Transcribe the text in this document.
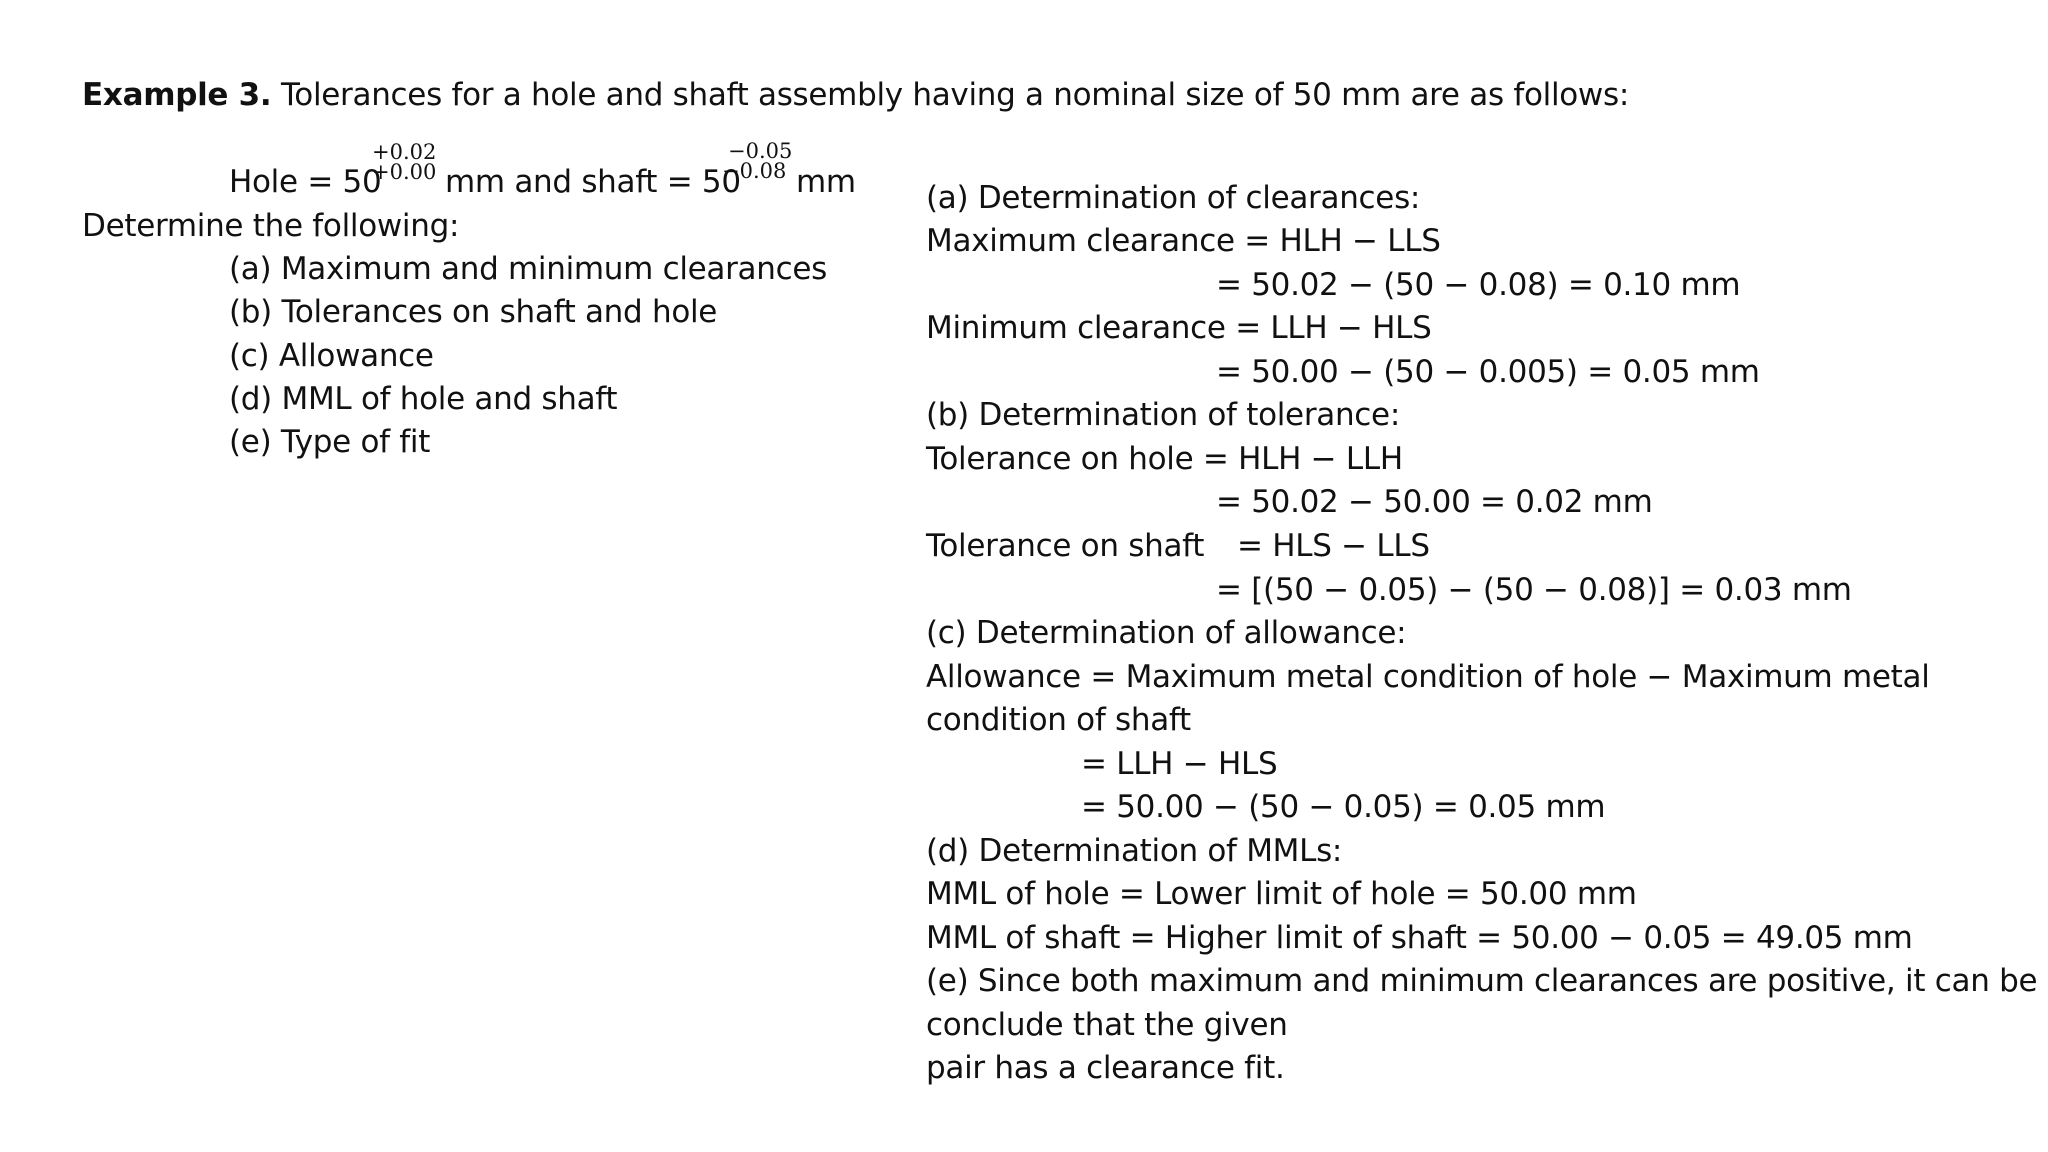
Example 3. Tolerances for a hole and shaft assembly having a nominal size of 50 mm are as follows:
Hole = 50
+0.02
+0.00 mm and shaft = 50
−0.05
−0.08 mm
Determine the following:
(a) Maximum and minimum clearances
(b) Tolerances on shaft and hole
(c) Allowance
(d) MML of hole and shaft
(e) Type of fit
(a) Determination of clearances:
Maximum clearance = HLH − LLS
= 50.02 − (50 − 0.08) = 0.10 mm
Minimum clearance = LLH − HLS
= 50.00 − (50 − 0.005) = 0.05 mm
(b) Determination of tolerance:
Tolerance on hole = HLH − LLH
= 50.02 − 50.00 = 0.02 mm
Tolerance on shaft = HLS − LLS
= [(50 − 0.05) − (50 − 0.08)] = 0.03 mm
(c) Determination of allowance:
Allowance = Maximum metal condition of hole − Maximum metal
condition of shaft
= LLH − HLS
= 50.00 − (50 − 0.05) = 0.05 mm
(d) Determination of MMLs:
MML of hole = Lower limit of hole = 50.00 mm
MML of shaft = Higher limit of shaft = 50.00 − 0.05 = 49.05 mm
(e) Since both maximum and minimum clearances are positive, it can be
conclude that the given
pair has a clearance fit.
